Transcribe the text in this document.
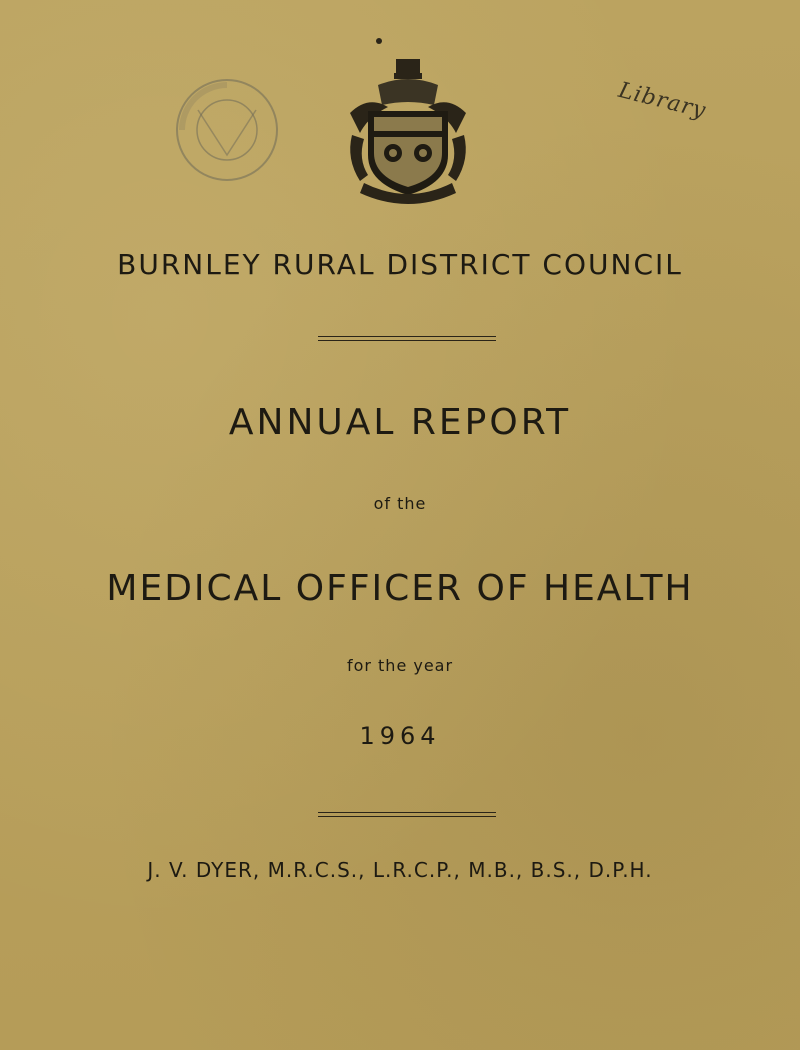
Library
BURNLEY RURAL DISTRICT COUNCIL
ANNUAL REPORT
of the
MEDICAL OFFICER OF HEALTH
for the year
1964
J. V. DYER, M.R.C.S., L.R.C.P., M.B., B.S., D.P.H.
